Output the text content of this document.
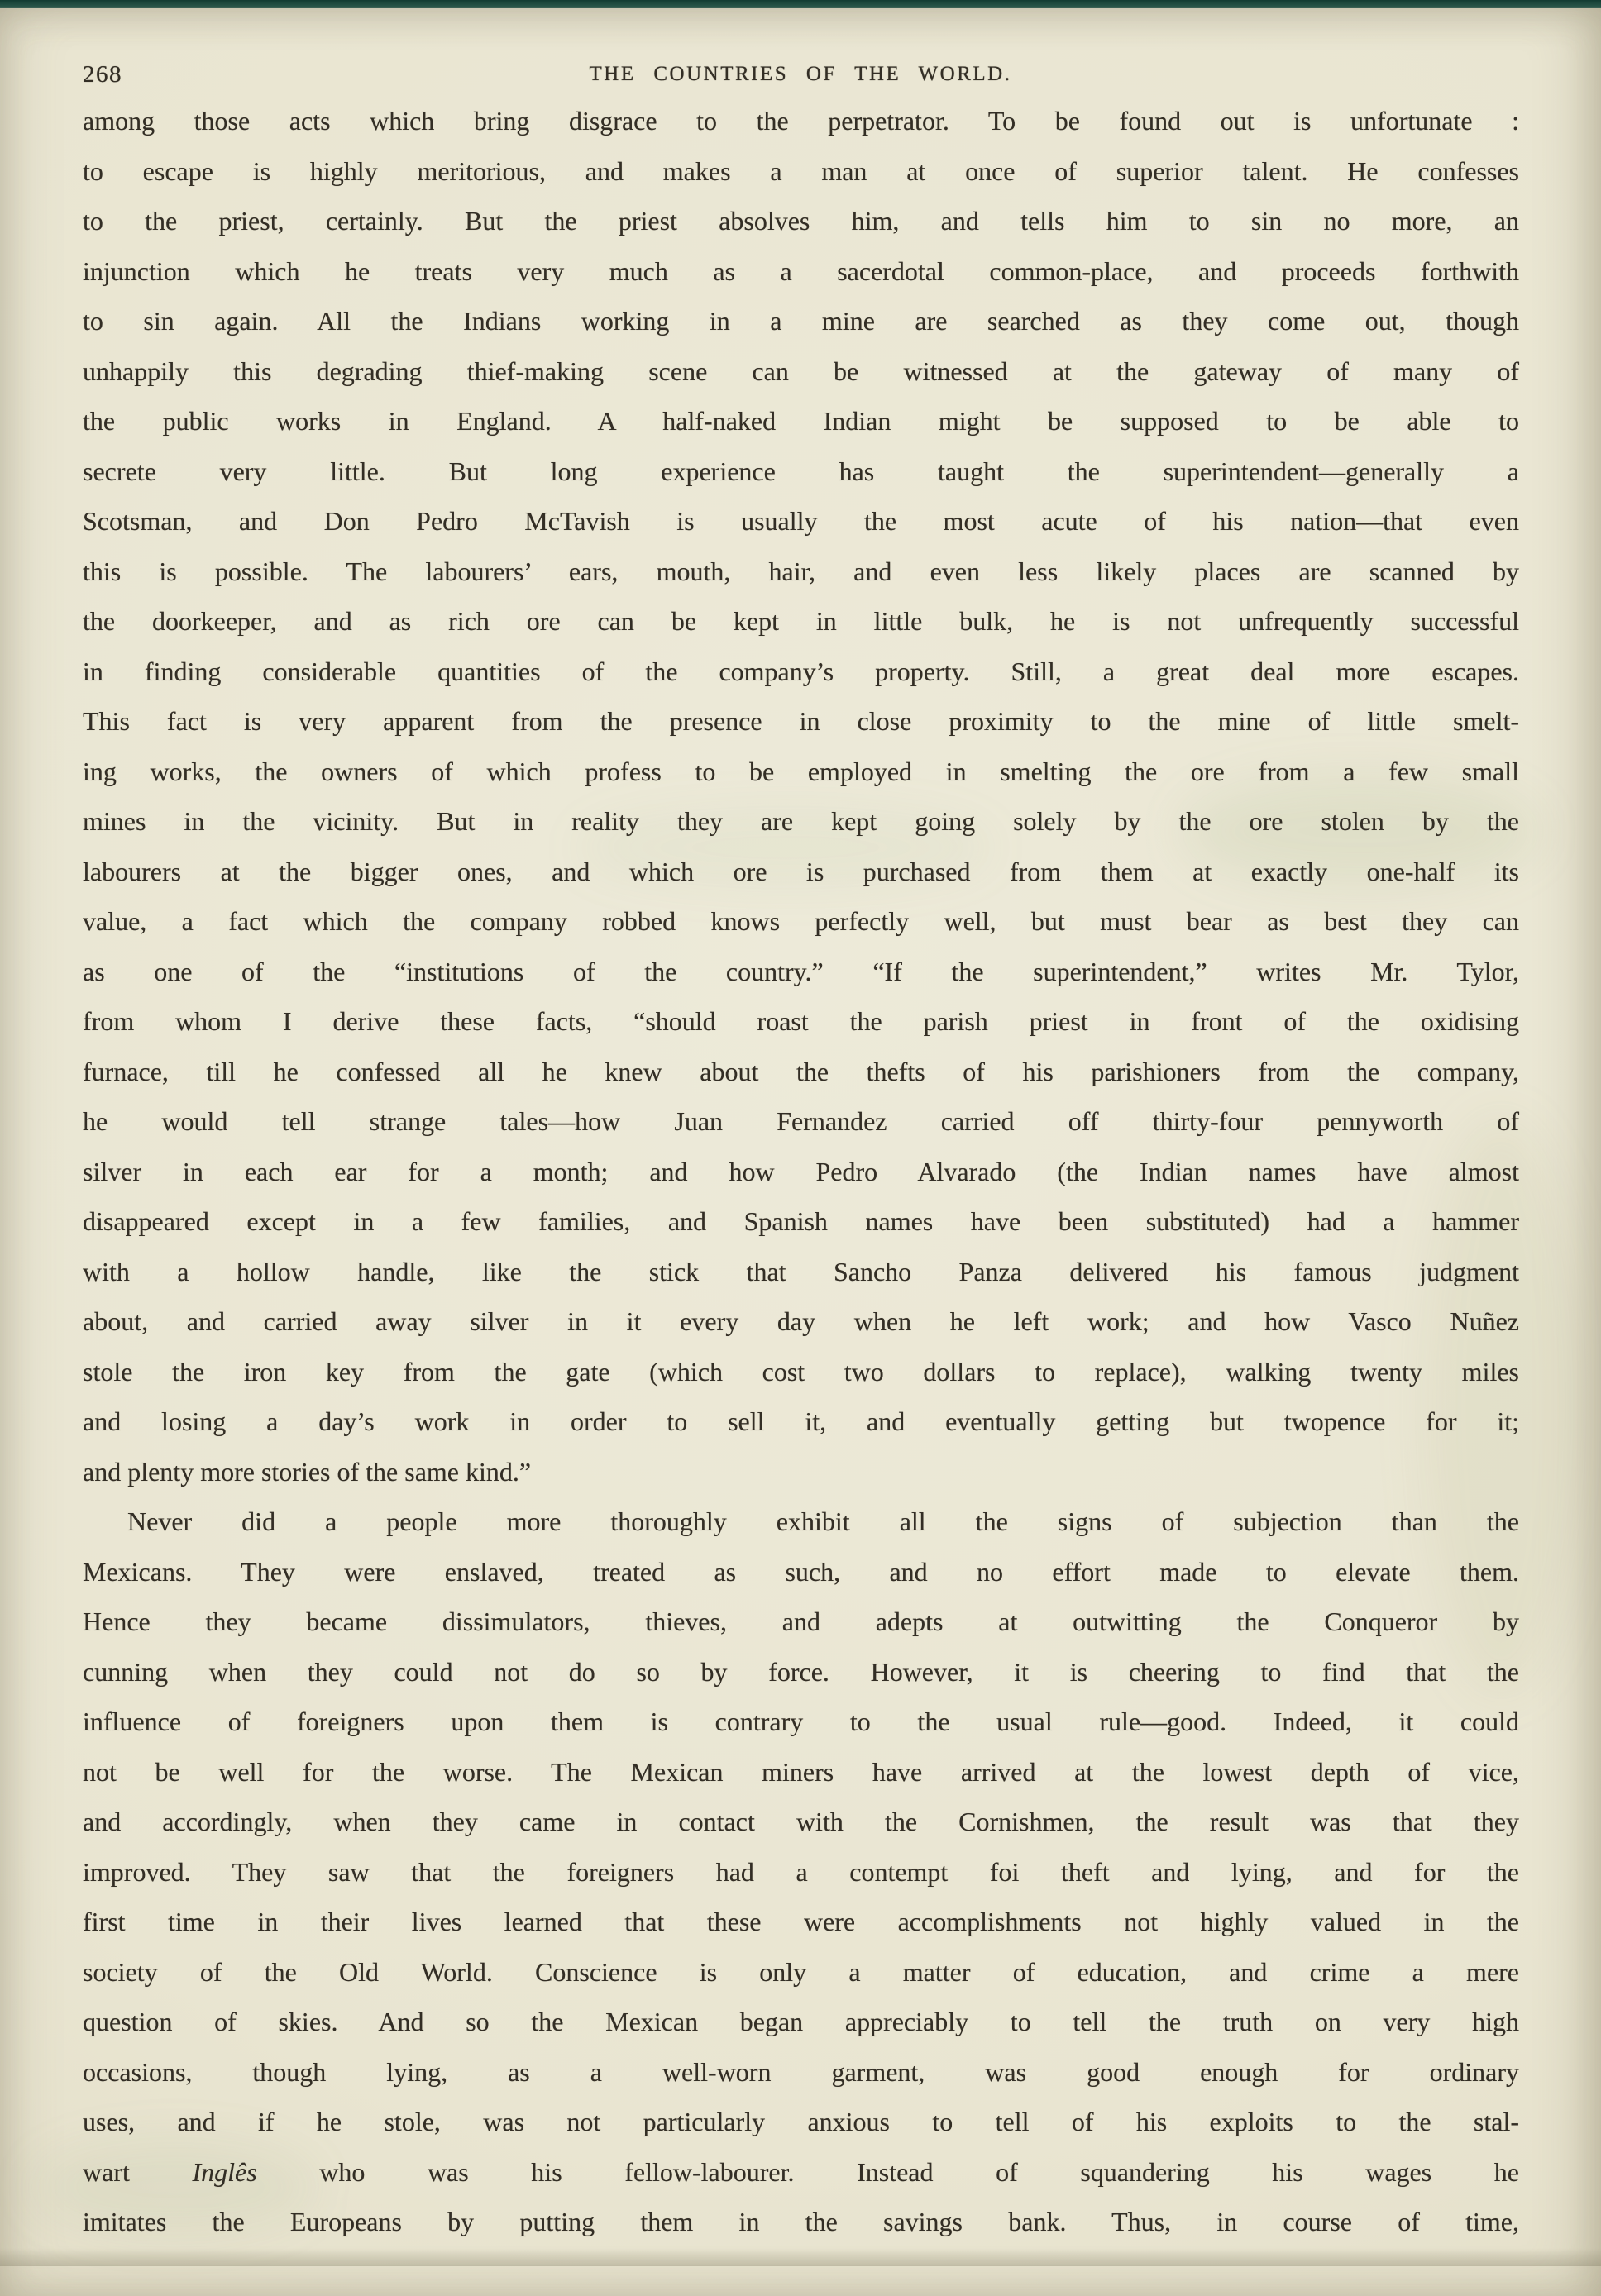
268	THE COUNTRIES OF THE WORLD.
among those acts which bring disgrace to the perpetrator. To be found out is unfortunate :
to escape is highly meritorious, and makes a man at once of superior talent. He confesses
to the priest, certainly. But the priest absolves him, and tells him to sin no more, an
injunction which he treats very much as a sacerdotal common-place, and proceeds forthwith
to sin again. All the Indians working in a mine are searched as they come out, though
unhappily this degrading thief-making scene can be witnessed at the gateway of many of
the public works in England. A half-naked Indian might be supposed to be able to
secrete very little. But long experience has taught the superintendent—generally a
Scotsman, and Don Pedro McTavish is usually the most acute of his nation—that even
this is possible. The labourers’ ears, mouth, hair, and even less likely places are scanned by
the doorkeeper, and as rich ore can be kept in little bulk, he is not unfrequently successful
in finding considerable quantities of the company’s property. Still, a great deal more escapes.
This fact is very apparent from the presence in close proximity to the mine of little smelt-
ing works, the owners of which profess to be employed in smelting the ore from a few small
mines in the vicinity. But in reality they are kept going solely by the ore stolen by the
labourers at the bigger ones, and which ore is purchased from them at exactly one-half its
value, a fact which the company robbed knows perfectly well, but must bear as best they can
as one of the “institutions of the country.” “If the superintendent,” writes Mr. Tylor,
from whom I derive these facts, “should roast the parish priest in front of the oxidising
furnace, till he confessed all he knew about the thefts of his parishioners from the company,
he would tell strange tales—how Juan Fernandez carried off thirty-four pennyworth of
silver in each ear for a month; and how Pedro Alvarado (the Indian names have almost
disappeared except in a few families, and Spanish names have been substituted) had a hammer
with a hollow handle, like the stick that Sancho Panza delivered his famous judgment
about, and carried away silver in it every day when he left work; and how Vasco Nuñez
stole the iron key from the gate (which cost two dollars to replace), walking twenty miles
and losing a day’s work in order to sell it, and eventually getting but twopence for it;
and plenty more stories of the same kind.”
Never did a people more thoroughly exhibit all the signs of subjection than the
Mexicans. They were enslaved, treated as such, and no effort made to elevate them.
Hence they became dissimulators, thieves, and adepts at outwitting the Conqueror by
cunning when they could not do so by force. However, it is cheering to find that the
influence of foreigners upon them is contrary to the usual rule—good. Indeed, it could
not be well for the worse. The Mexican miners have arrived at the lowest depth of vice,
and accordingly, when they came in contact with the Cornishmen, the result was that they
improved. They saw that the foreigners had a contempt foi theft and lying, and for the
first time in their lives learned that these were accomplishments not highly valued in the
society of the Old World. Conscience is only a matter of education, and crime a mere
question of skies. And so the Mexican began appreciably to tell the truth on very high
occasions, though lying, as a well-worn garment, was good enough for ordinary
uses, and if he stole, was not particularly anxious to tell of his exploits to the stal-
wart Inglês who was his fellow-labourer. Instead of squandering his wages he
imitates the Europeans by putting them in the savings bank. Thus, in course of time,
